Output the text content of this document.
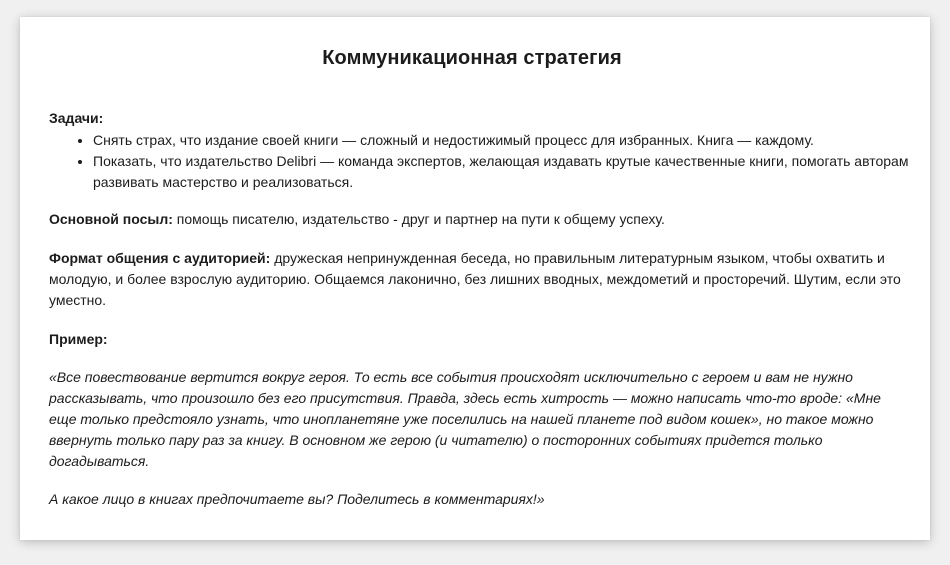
Коммуникационная стратегия

Задачи:

• Снять страх, что издание своей книги — сложный и недостижимый процесс для избранных. Книга — каждому.
• Показать, что издательство Delibri — команда экспертов, желающая издавать крутые качественные книги, помогать авторам развивать мастерство и реализоваться.

Основной посыл: помощь писателю, издательство - друг и партнер на пути к общему успеху.

Формат общения с аудиторией: дружеская непринужденная беседа, но правильным литературным языком, чтобы охватить и молодую, и более взрослую аудиторию. Общаемся лаконично, без лишних вводных, междометий и просторечий. Шутим, если это уместно.

Пример:

«Все повествование вертится вокруг героя. То есть все события происходят исключительно с героем и вам не нужно рассказывать, что произошло без его присутствия. Правда, здесь есть хитрость — можно написать что-то вроде: «Мне еще только предстояло узнать, что инопланетяне уже поселились на нашей планете под видом кошек», но такое можно ввернуть только пару раз за книгу. В основном же герою (и читателю) о посторонних событиях придется только догадываться.

А какое лицо в книгах предпочитаете вы? Поделитесь в комментариях!»
